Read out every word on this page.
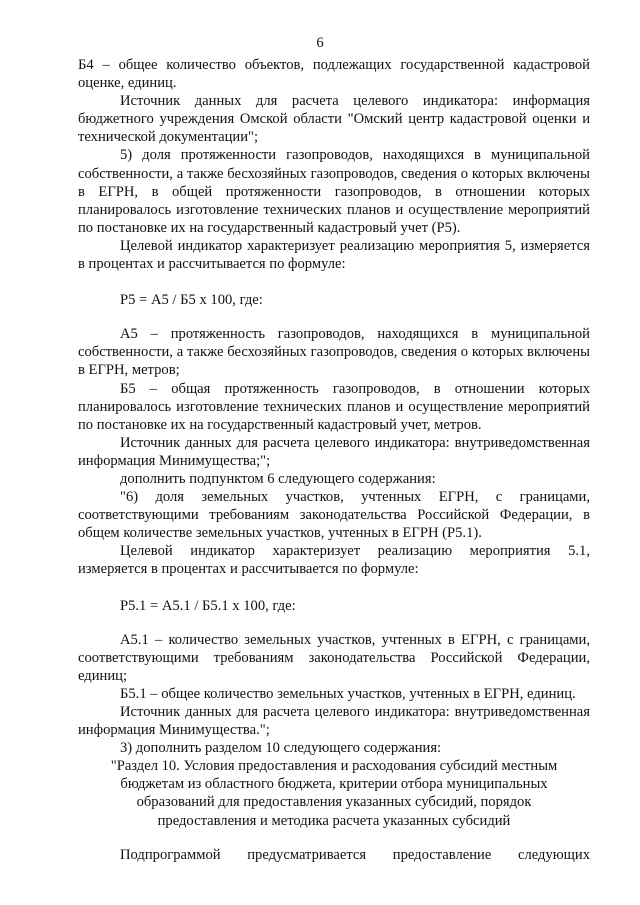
6

Б4 – общее количество объектов, подлежащих государственной кадастровой оценке, единиц.

Источник данных для расчета целевого индикатора: информация бюджетного учреждения Омской области "Омский центр кадастровой оценки и технической документации";

5) доля протяженности газопроводов, находящихся в муниципальной собственности, а также бесхозяйных газопроводов, сведения о которых включены в ЕГРН, в общей протяженности газопроводов, в отношении которых планировалось изготовление технических планов и осуществление мероприятий по постановке их на государственный кадастровый учет (Р5).

Целевой индикатор характеризует реализацию мероприятия 5, измеряется в процентах и рассчитывается по формуле:

Р5 = А5 / Б5 х 100, где:

А5 – протяженность газопроводов, находящихся в муниципальной собственности, а также бесхозяйных газопроводов, сведения о которых включены в ЕГРН, метров;

Б5 – общая протяженность газопроводов, в отношении которых планировалось изготовление технических планов и осуществление мероприятий по постановке их на государственный кадастровый учет, метров.

Источник данных для расчета целевого индикатора: внутриведомственная информация Минимущества;";

дополнить подпунктом 6 следующего содержания:

"6) доля земельных участков, учтенных ЕГРН, с границами, соответствующими требованиям законодательства Российской Федерации, в общем количестве земельных участков, учтенных в ЕГРН (Р5.1).

Целевой индикатор характеризует реализацию мероприятия 5.1, измеряется в процентах и рассчитывается по формуле:

Р5.1 = А5.1 / Б5.1 х 100, где:

А5.1 – количество земельных участков, учтенных в ЕГРН, с границами, соответствующими требованиям законодательства Российской Федерации, единиц;

Б5.1 – общее количество земельных участков, учтенных в ЕГРН, единиц.

Источник данных для расчета целевого индикатора: внутриведомственная информация Минимущества.";

3) дополнить разделом 10 следующего содержания:

"Раздел 10. Условия предоставления и расходования субсидий местным

бюджетам из областного бюджета, критерии отбора муниципальных

образований для предоставления указанных субсидий, порядок

предоставления и методика расчета указанных субсидий

Подпрограммой предусматривается предоставление следующих
